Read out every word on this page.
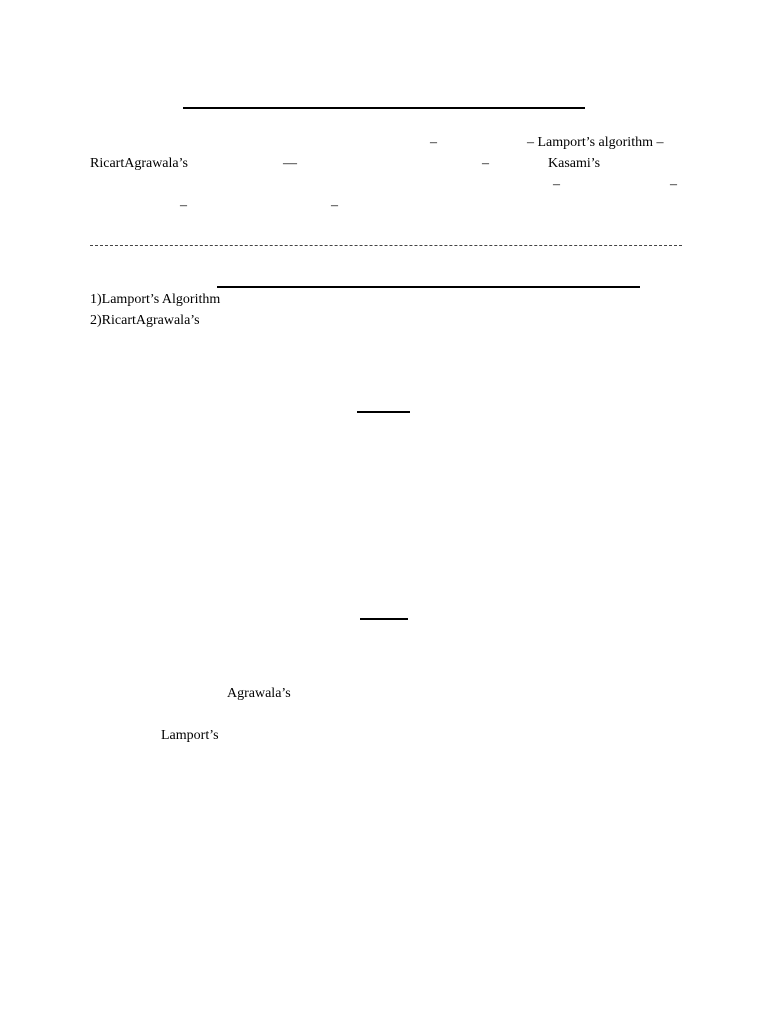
–	– Lamport’s algorithm –
RicartAgrawala’s	—	–	Kasami’s
–	–
–	–
1)Lamport’s Algorithm
2)RicartAgrawala’s
Agrawala’s
Lamport’s
